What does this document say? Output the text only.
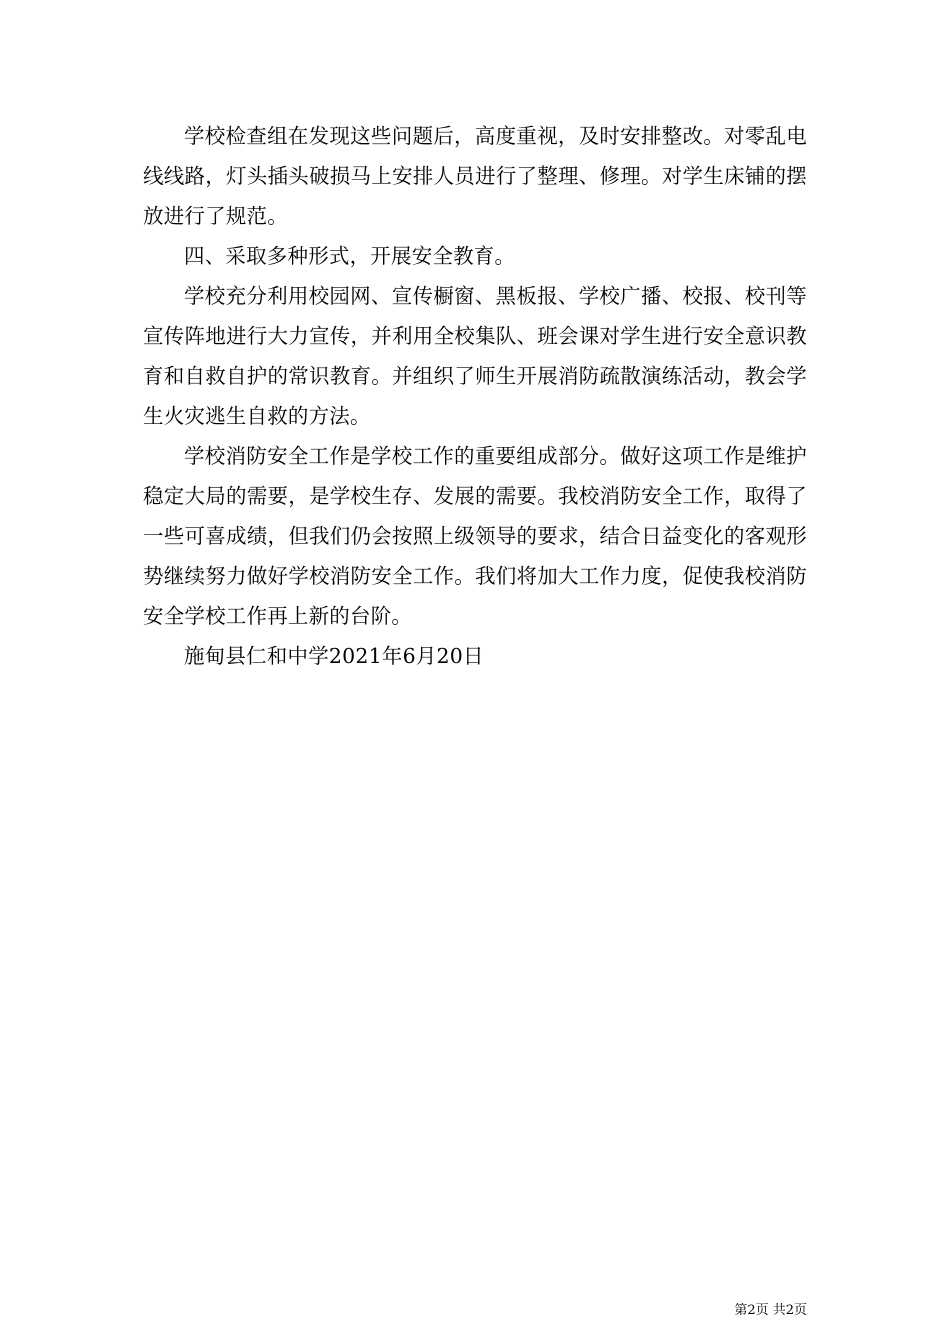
学校检查组在发现这些问题后，高度重视，及时安排整改。对零乱电线线路，灯头插头破损马上安排人员进行了整理、修理。对学生床铺的摆放进行了规范。

四、采取多种形式，开展安全教育。

学校充分利用校园网、宣传橱窗、黑板报、学校广播、校报、校刊等宣传阵地进行大力宣传，并利用全校集队、班会课对学生进行安全意识教育和自救自护的常识教育。并组织了师生开展消防疏散演练活动，教会学生火灾逃生自救的方法。

学校消防安全工作是学校工作的重要组成部分。做好这项工作是维护稳定大局的需要，是学校生存、发展的需要。我校消防安全工作，取得了一些可喜成绩，但我们仍会按照上级领导的要求，结合日益变化的客观形势继续努力做好学校消防安全工作。我们将加大工作力度，促使我校消防安全学校工作再上新的台阶。

施甸县仁和中学2021年6月20日

第2页 共2页
